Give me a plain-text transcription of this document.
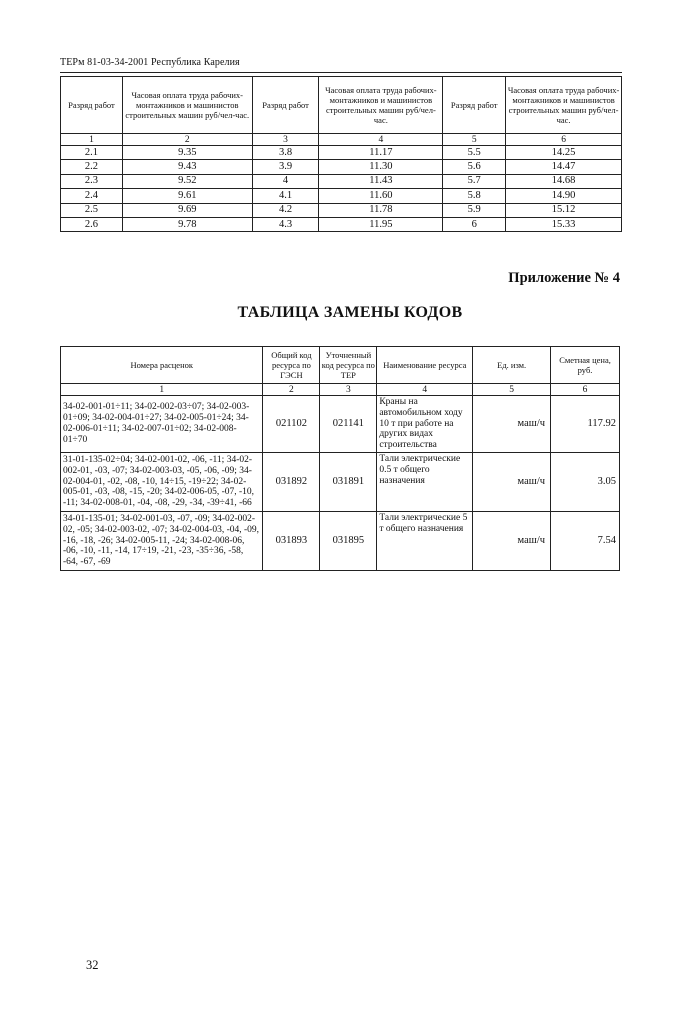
ТЕРм 81-03-34-2001 Республика Карелия
Разряд работ	Часовая оплата труда рабочих-монтажников и машинистов строительных машин руб/чел-час.	Разряд работ	Часовая оплата труда рабочих-монтажников и машинистов строительных машин руб/чел-час.	Разряд работ	Часовая оплата труда рабочих-монтажников и машинистов строительных машин руб/чел-час.
1	2	3	4	5	6
2.1	9.35	3.8	11.17	5.5	14.25
2.2	9.43	3.9	11.30	5.6	14.47
2.3	9.52	4	11.43	5.7	14.68
2.4	9.61	4.1	11.60	5.8	14.90
2.5	9.69	4.2	11.78	5.9	15.12
2.6	9.78	4.3	11.95	6	15.33
Приложение № 4
ТАБЛИЦА ЗАМЕНЫ КОДОВ
Номера расценок	Общий код ресурса по ГЭСН	Уточненный код ресурса по ТЕР	Наименование ресурса	Ед. изм.	Сметная цена, руб.
1	2	3	4	5	6
34-02-001-01÷11; 34-02-002-03÷07; 34-02-003-01÷09; 34-02-004-01÷27; 34-02-005-01÷24; 34-02-006-01÷11; 34-02-007-01÷02; 34-02-008-01÷70	021102	021141	Краны на автомобильном ходу 10 т при работе на других видах строительства	маш/ч	117.92
31-01-135-02÷04; 34-02-001-02, -06, -11; 34-02-002-01, -03, -07; 34-02-003-03, -05, -06, -09; 34-02-004-01, -02, -08, -10, 14÷15, -19÷22; 34-02-005-01, -03, -08, -15, -20; 34-02-006-05, -07, -10, -11; 34-02-008-01, -04, -08, -29, -34, -39÷41, -66	031892	031891	Тали электрические 0.5 т общего назначения	маш/ч	3.05
34-01-135-01; 34-02-001-03, -07, -09; 34-02-002-02, -05; 34-02-003-02, -07; 34-02-004-03, -04, -09, -16, -18, -26; 34-02-005-11, -24; 34-02-008-06, -06, -10, -11, -14, 17÷19, -21, -23, -35÷36, -58, -64, -67, -69	031893	031895	Тали электрические 5 т общего назначения	маш/ч	7.54
32
